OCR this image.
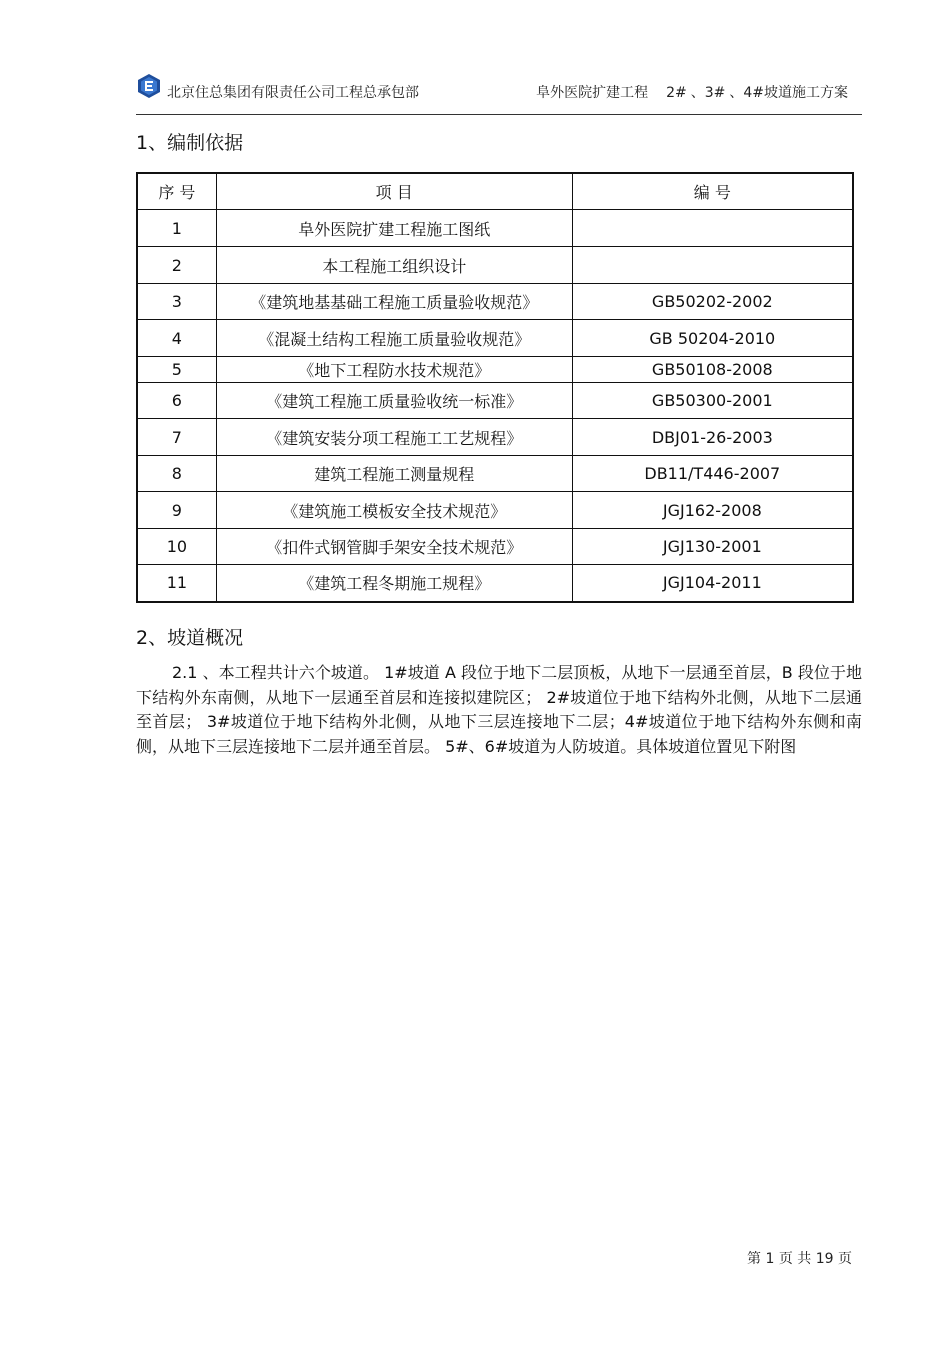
北京住总集团有限责任公司工程总承包部	阜外医院扩建工程 2# 、3# 、4#坡道施工方案
1、编制依据
序 号	项 目	编 号
1	阜外医院扩建工程施工图纸	
2	本工程施工组织设计	
3	《建筑地基基础工程施工质量验收规范》	GB50202-2002
4	《混凝土结构工程施工质量验收规范》	GB 50204-2010
5	《地下工程防水技术规范》	GB50108-2008
6	《建筑工程施工质量验收统一标准》	GB50300-2001
7	《建筑安装分项工程施工工艺规程》	DBJ01-26-2003
8	建筑工程施工测量规程	DB11/T446-2007
9	《建筑施工模板安全技术规范》	JGJ162-2008
10	《扣件式钢管脚手架安全技术规范》	JGJ130-2001
11	《建筑工程冬期施工规程》	JGJ104-2011
2、坡道概况

2.1 、本工程共计六个坡道。 1#坡道 A 段位于地下二层顶板，从地下一层通至首层，B 段位于地下结构外东南侧，从地下一层通至首层和连接拟建院区； 2#坡道位于地下结构外北侧，从地下二层通至首层； 3#坡道位于地下结构外北侧，从地下三层连接地下二层；4#坡道位于地下结构外东侧和南侧，从地下三层连接地下二层并通至首层。 5#、6#坡道为人防坡道。具体坡道位置见下附图

第 1 页 共 19 页
